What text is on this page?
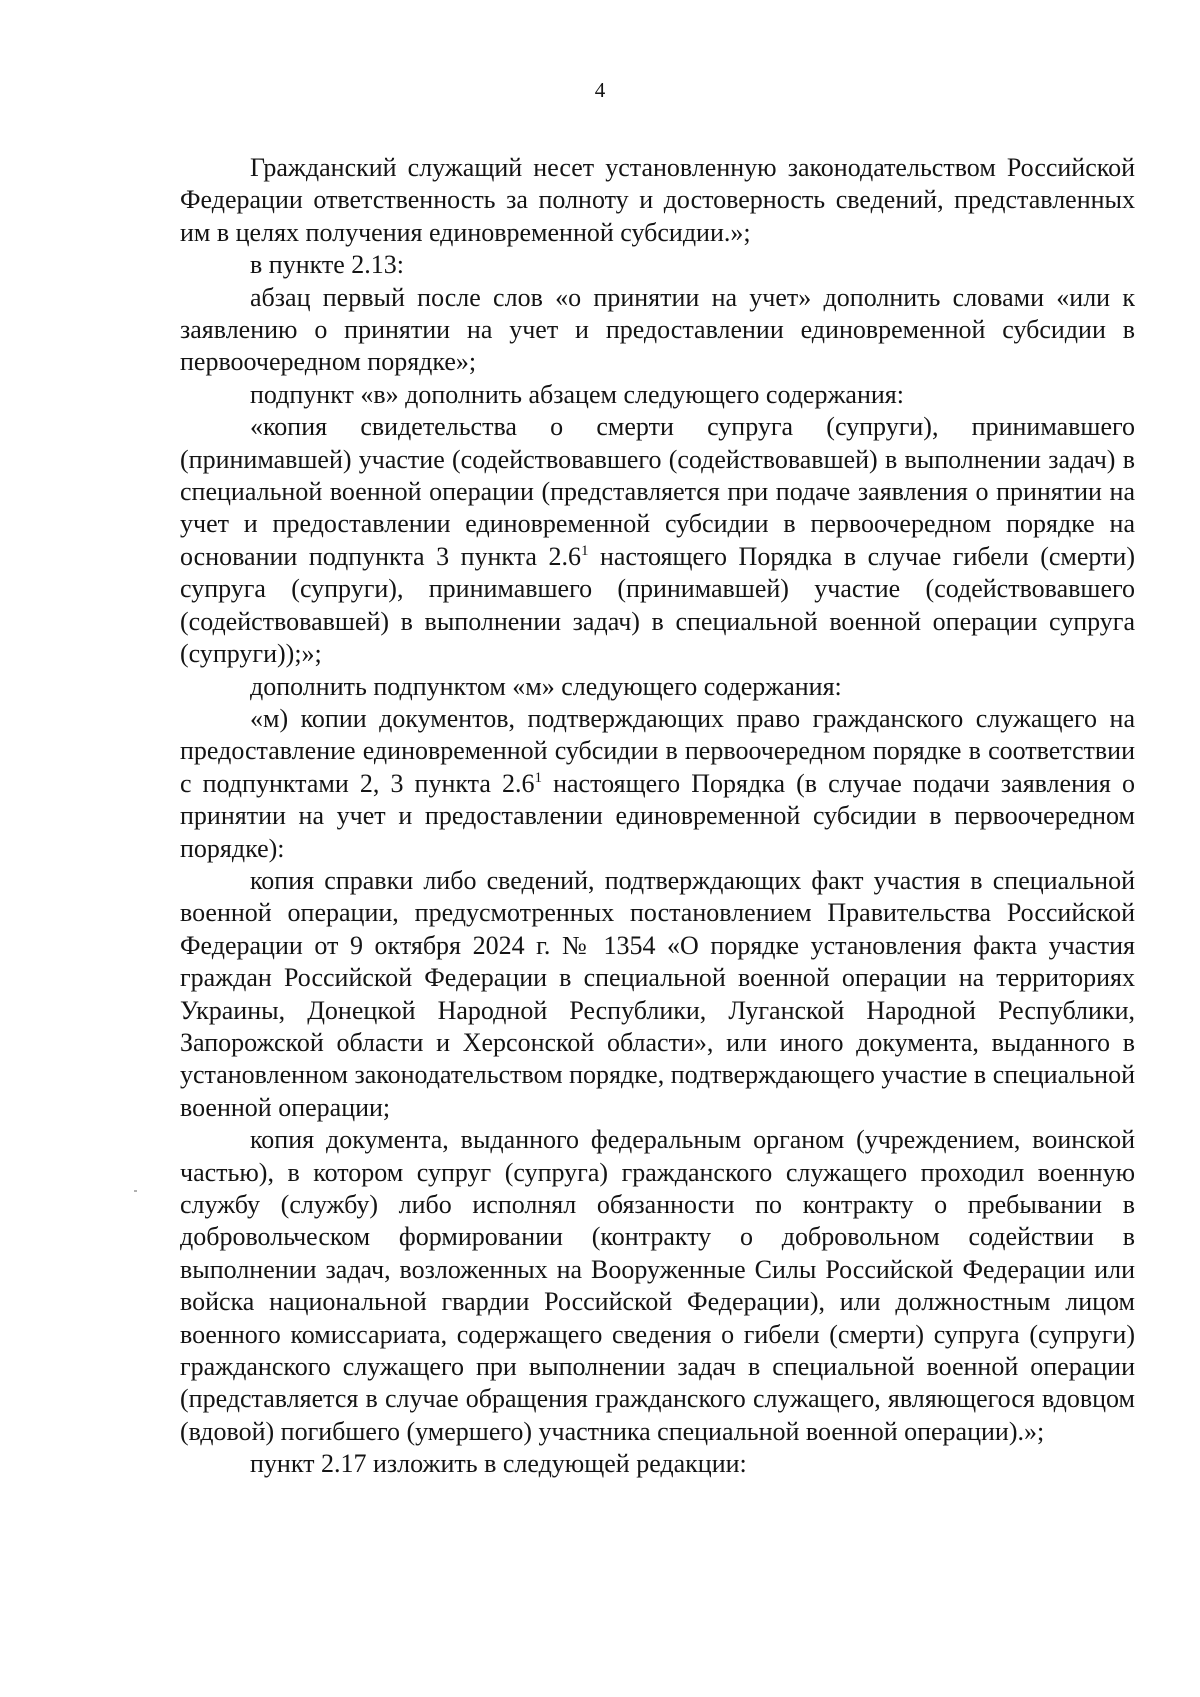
4

Гражданский служащий несет установленную законодательством Российской Федерации ответственность за полноту и достоверность сведений, представленных им в целях получения единовременной субсидии.»;

в пункте 2.13:

абзац первый после слов «о принятии на учет» дополнить словами «или к заявлению о принятии на учет и предоставлении единовременной субсидии в первоочередном порядке»;

подпункт «в» дополнить абзацем следующего содержания:

«копия свидетельства о смерти супруга (супруги), принимавшего (принимавшей) участие (содействовавшего (содействовавшей) в выполнении задач) в специальной военной операции (представляется при подаче заявления о принятии на учет и предоставлении единовременной субсидии в первоочередном порядке на основании подпункта 3 пункта $2.6^1$ настоящего Порядка в случае гибели (смерти) супруга (супруги), принимавшего (принимавшей) участие (содействовавшего (содействовавшей) в выполнении задач) в специальной военной операции супруга (супруги));»;

дополнить подпунктом «м» следующего содержания:

«м) копии документов, подтверждающих право гражданского служащего на предоставление единовременной субсидии в первоочередном порядке в соответствии с подпунктами 2, 3 пункта $2.6^1$ настоящего Порядка (в случае подачи заявления о принятии на учет и предоставлении единовременной субсидии в первоочередном порядке):

копия справки либо сведений, подтверждающих факт участия в специальной военной операции, предусмотренных постановлением Правительства Российской Федерации от 9 октября 2024 г. № 1354 «О порядке установления факта участия граждан Российской Федерации в специальной военной операции на территориях Украины, Донецкой Народной Республики, Луганской Народной Республики, Запорожской области и Херсонской области», или иного документа, выданного в установленном законодательством порядке, подтверждающего участие в специальной военной операции;

копия документа, выданного федеральным органом (учреждением, воинской частью), в котором супруг (супруга) гражданского служащего проходил военную службу (службу) либо исполнял обязанности по контракту о пребывании в добровольческом формировании (контракту о добровольном содействии в выполнении задач, возложенных на Вооруженные Силы Российской Федерации или войска национальной гвардии Российской Федерации), или должностным лицом военного комиссариата, содержащего сведения о гибели (смерти) супруга (супруги) гражданского служащего при выполнении задач в специальной военной операции (представляется в случае обращения гражданского служащего, являющегося вдовцом (вдовой) погибшего (умершего) участника специальной военной операции).»;

пункт 2.17 изложить в следующей редакции:
